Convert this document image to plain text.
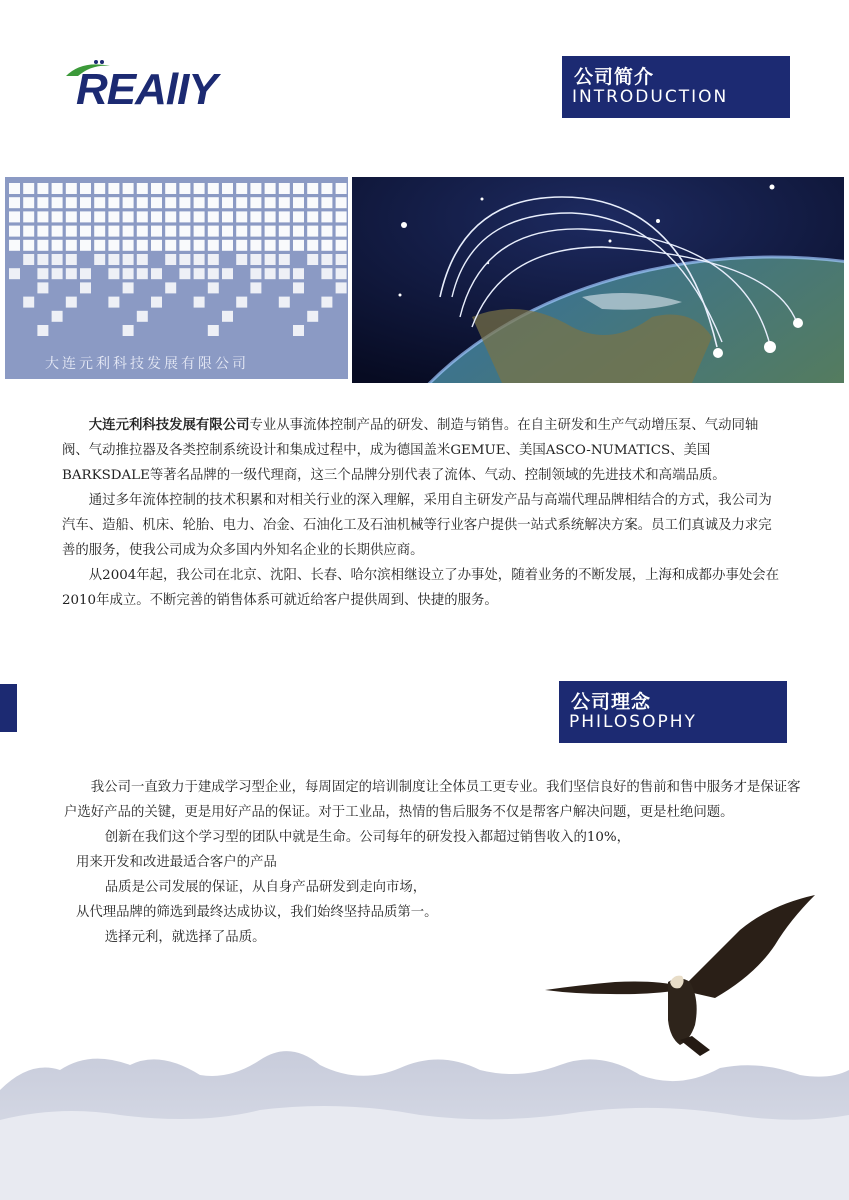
REAlIY	公司简介
INTRODUCTION
大连元利科技发展有限公司

大连元利科技发展有限公司专业从事流体控制产品的研发、制造与销售。在自主研发和生产气动增压泵、气动同轴阀、气动推拉器及各类控制系统设计和集成过程中，成为德国盖米GEMUE、美国ASCO-NUMATICS、美国BARKSDALE等著名品牌的一级代理商，这三个品牌分别代表了流体、气动、控制领域的先进技术和高端品质。

通过多年流体控制的技术积累和对相关行业的深入理解，采用自主研发产品与高端代理品牌相结合的方式，我公司为汽车、造船、机床、轮胎、电力、冶金、石油化工及石油机械等行业客户提供一站式系统解决方案。员工们真诚及力求完善的服务，使我公司成为众多国内外知名企业的长期供应商。

从2004年起，我公司在北京、沈阳、长春、哈尔滨相继设立了办事处，随着业务的不断发展，上海和成都办事处会在2010年成立。不断完善的销售体系可就近给客户提供周到、快捷的服务。

公司理念
PHILOSOPHY

我公司一直致力于建成学习型企业，每周固定的培训制度让全体员工更专业。我们坚信良好的售前和售中服务才是保证客户选好产品的关键，更是用好产品的保证。对于工业品，热情的售后服务不仅是帮客户解决问题，更是杜绝问题。

创新在我们这个学习型的团队中就是生命。公司每年的研发投入都超过销售收入的10%，

用来开发和改进最适合客户的产品

品质是公司发展的保证，从自身产品研发到走向市场，

从代理品牌的筛选到最终达成协议，我们始终坚持品质第一。

选择元利，就选择了品质。
